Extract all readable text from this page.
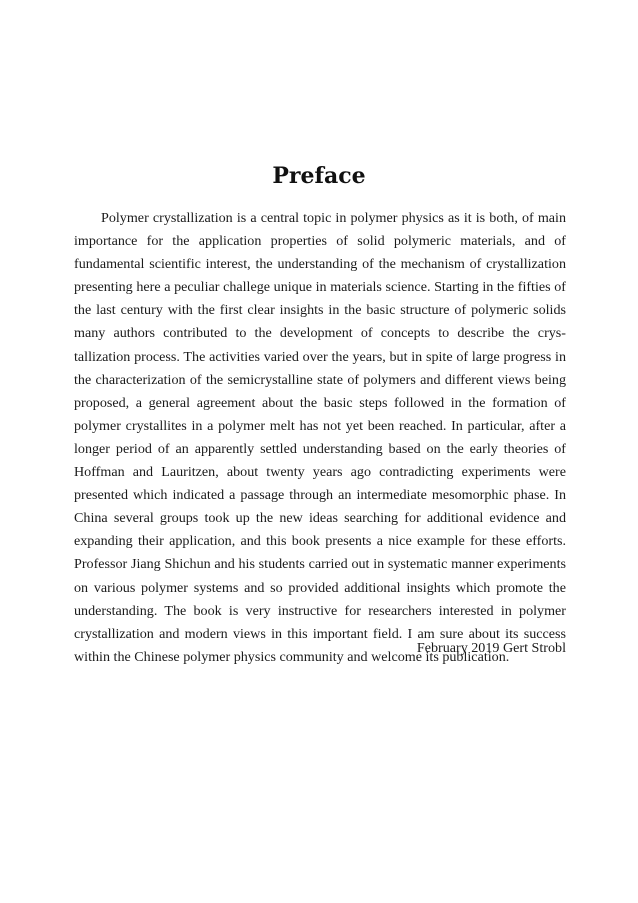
Preface

Polymer crystallization is a central topic in polymer physics as it is both, of main importance for the application properties of solid polymeric materials, and of fundamental scientific interest, the understanding of the mechanism of crystallization presenting here a peculiar challege unique in materials science. Starting in the fifties of the last century with the first clear insights in the basic structure of polymeric solids many authors contributed to the development of concepts to describe the crystallization process. The activities varied over the years, but in spite of large progress in the characterization of the semicrystalline state of polymers and different views being proposed, a general agreement about the basic steps followed in the formation of polymer crystallites in a polymer melt has not yet been reached. In particular, after a longer period of an apparently settled understanding based on the early theories of Hoffman and Lauritzen, about twenty years ago contradicting experiments were presented which indicated a passage through an intermediate mesomorphic phase. In China several groups took up the new ideas searching for additional evidence and expanding their application, and this book presents a nice example for these efforts. Professor Jiang Shichun and his students carried out in systematic manner experiments on various polymer systems and so provided additional insights which promote the understanding. The book is very instructive for researchers interested in polymer crystallization and modern views in this important field. I am sure about its success within the Chinese polymer physics community and welcome its publication.

February 2019 Gert Strobl
